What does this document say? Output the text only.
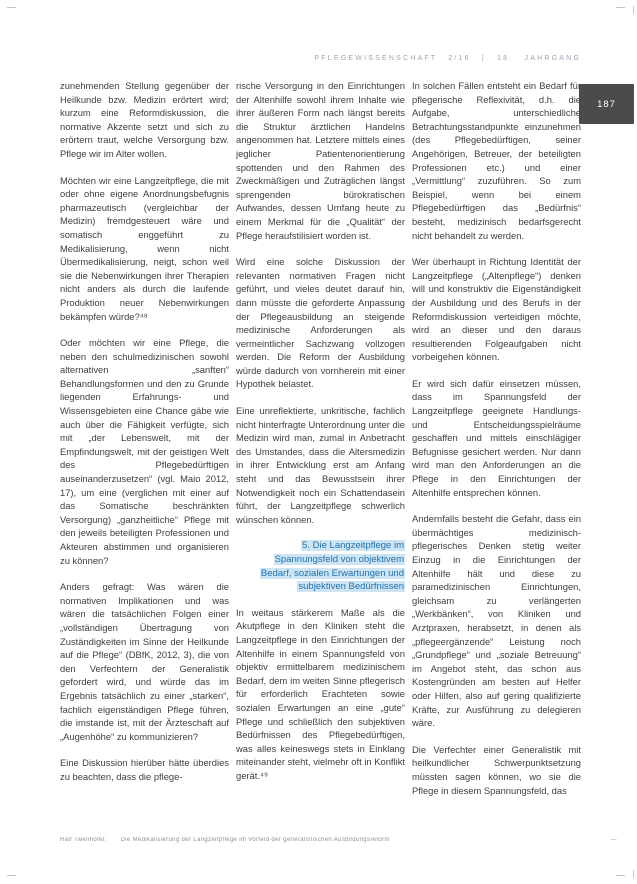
PFLEGEWISSENSCHAFT 2/16 | 18. JAHRGANG
187

zunehmenden Stellung gegenüber der Heilkunde bzw. Medizin erörtert wird; kurzum eine Reformdiskussion, die normative Akzente setzt und sich zu erörtern traut, welche Versorgung bzw. Pflege wir im Alter wollen.

Möchten wir eine Langzeitpflege, die mit oder ohne eigene Anordnungsbefugnis pharmazeutisch (vergleichbar der Medizin) fremdgesteuert wäre und somatisch enggeführt zu Medikalisierung, wenn nicht Übermedikalisierung, neigt, schon weil sie die Nebenwirkungen ihrer Therapien nicht anders als durch die laufende Produktion neuer Nebenwirkungen bekämpfen würde?⁴⁸

Oder möchten wir eine Pflege, die neben den schulmedizinischen sowohl alternativen „sanften“ Behandlungsformen und den zu Grunde liegenden Erfahrungs- und Wissensgebieten eine Chance gäbe wie auch über die Fähigkeit verfügte, sich mit „der Lebenswelt, mit der Empfindungswelt, mit der geistigen Welt des Pflegebedürftigen auseinanderzusetzen“ (vgl. Maio 2012, 17), um eine (verglichen mit einer auf das Somatische beschränkten Versorgung) „ganzheitliche“ Pflege mit den jeweils beteiligten Professionen und Akteuren abstimmen und organisieren zu können?

Anders gefragt: Was wären die normativen Implikationen und was wären die tatsächlichen Folgen einer „vollständigen Übertragung von Zuständigkeiten im Sinne der Heilkunde auf die Pflege“ (DBfK, 2012, 3), die von den Verfechtern der Generalistik gefordert wird, und würde das im Ergebnis tatsächlich zu einer „starken“, fachlich eigenständigen Pflege führen, die imstande ist, mit der Ärzteschaft auf „Augenhöhe“ zu kommunizieren?

Eine Diskussion hierüber hätte überdies zu beachten, dass die pflege-

rische Versorgung in den Einrichtungen der Altenhilfe sowohl ihrem Inhalte wie ihrer äußeren Form nach längst bereits die Struktur ärztlichen Handelns angenommen hat. Letztere mittels eines jeglicher Patientenorientierung spottenden und den Rahmen des Zweckmäßigen und Zuträglichen längst sprengenden bürokratischen Aufwandes, dessen Umfang heute zu einem Merkmal für die „Qualität“ der Pflege heraufstilisiert worden ist.

Wird eine solche Diskussion der relevanten normativen Fragen nicht geführt, und vieles deutet darauf hin, dann müsste die geforderte Anpassung der Pflegeausbildung an steigende medizinische Anforderungen als vermeintlicher Sachzwang vollzogen werden. Die Reform der Ausbildung würde dadurch von vornherein mit einer Hypothek belastet.

Eine unreflektierte, unkritische, fachlich nicht hinterfragte Unterordnung unter die Medizin wird man, zumal in Anbetracht des Umstandes, dass die Altersmedizin in ihrer Entwicklung erst am Anfang steht und das Bewusstsein ihrer Notwendigkeit noch ein Schattendasein führt, der Langzeitpflege schwerlich wünschen können.

5. Die Langzeitpflege im
Spannungsfeld von objektivem
Bedarf, sozialen Erwartungen und
subjektiven Bedürfnissen

In weitaus stärkerem Maße als die Akutpflege in den Kliniken steht die Langzeitpflege in den Einrichtungen der Altenhilfe in einem Spannungsfeld von objektiv ermittelbarem medizinischem Bedarf, dem im weiten Sinne pflegerisch für erforderlich Erachteten sowie sozialen Erwartungen an eine „gute“ Pflege und schließlich den subjektiven Bedürfnissen des Pflegebedürftigen, was alles keineswegs stets in Einklang miteinander steht, vielmehr oft in Konflikt gerät.⁴⁹

In solchen Fällen entsteht ein Bedarf für pflegerische Reflexivität, d.h. die Aufgabe, unterschiedliche Betrachtungsstandpunkte einzunehmen (des Pflegebedürftigen, seiner Angehörigen, Betreuer, der beteiligten Professionen etc.) und einer „Vermittlung“ zuzuführen. So zum Beispiel, wenn bei einem Pflegebedürftigen das „Bedürfnis“ besteht, medizinisch bedarfsgerecht nicht behandelt zu werden.

Wer überhaupt in Richtung Identität der Langzeitpflege („Altenpflege“) denken will und konstruktiv die Eigenständigkeit der Ausbildung und des Berufs in der Reformdiskussion verteidigen möchte, wird an dieser und den daraus resultierenden Folgeaufgaben nicht vorbeigehen können.

Er wird sich dafür einsetzen müssen, dass im Spannungsfeld der Langzeitpflege geeignete Handlungs- und Entscheidungsspielräume geschaffen und mittels einschlägiger Befugnisse gesichert werden. Nur dann wird man den Anforderungen an die Pflege in den Einrichtungen der Altenhilfe entsprechen können.

Andernfalls besteht die Gefahr, dass ein übermächtiges medizinisch-pflegerisches Denken stetig weiter Einzug in die Einrichtungen der Altenhilfe hält und diese zu paramedizinischen Einrichtungen, gleichsam zu verlängerten „Werkbänken“, von Kliniken und Arztpraxen, herabsetzt, in denen als „pflegeergänzende“ Leistung noch „Grundpflege“ und „soziale Betreuung“ im Angebot steht, das schon aus Kostengründen am besten auf Helfer oder Hilfen, also auf gering qualifizierte Kräfte, zur Ausführung zu delegieren wäre.

Die Verfechter einer Generalistik mit heilkundlicher Schwerpunktsetzung müssten sagen können, wo sie die Pflege in diesem Spannungsfeld, das

Ralf Twenhöfel: Die Medikalisierung der Langzeitpflege im Vorfeld der generalistischen Ausbildungsreform	—
